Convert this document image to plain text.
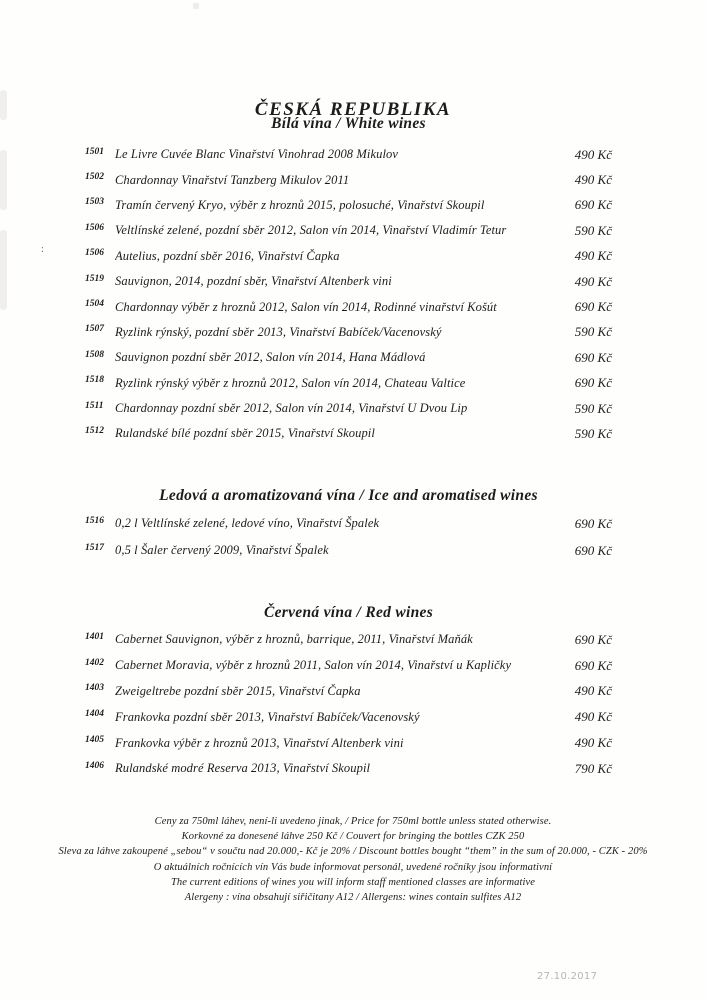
ČESKÁ REPUBLIKA
:
Bílá vína / White wines
1501 Le Livre Cuvée Blanc Vinařství Vinohrad 2008 Mikulov	490 Kč
1502 Chardonnay Vinařství Tanzberg Mikulov 2011	490 Kč
1503 Tramín červený Kryo, výběr z hroznů 2015, polosuché, Vinařství Skoupil	690 Kč
1506 Veltlínské zelené, pozdní sběr 2012, Salon vín 2014, Vinařství Vladimír Tetur	590 Kč
1506 Autelius, pozdní sběr 2016, Vinařství Čapka	490 Kč
1519 Sauvignon, 2014, pozdní sběr, Vinařství Altenberk vini	490 Kč
1504 Chardonnay výběr z hroznů 2012, Salon vín 2014, Rodinné vinařství Košút	690 Kč
1507 Ryzlink rýnský, pozdní sběr 2013, Vinařství Babíček/Vacenovský	590 Kč
1508 Sauvignon pozdní sběr 2012, Salon vín 2014, Hana Mádlová	690 Kč
1518 Ryzlink rýnský výběr z hroznů 2012, Salon vín 2014, Chateau Valtice	690 Kč
1511 Chardonnay pozdní sběr 2012, Salon vín 2014, Vinařství U Dvou Lip	590 Kč
1512 Rulandské bílé pozdní sběr 2015, Vinařství Skoupil	590 Kč
Ledová a aromatizovaná vína / Ice and aromatised wines
1516 0,2 l Veltlínské zelené, ledové víno, Vinařství Špalek	690 Kč
1517 0,5 l Šaler červený 2009, Vinařství Špalek	690 Kč
Červená vína / Red wines
1401 Cabernet Sauvignon, výběr z hroznů, barrique, 2011, Vinařství Maňák	690 Kč
1402 Cabernet Moravia, výběr z hroznů 2011, Salon vín 2014, Vinařství u Kapličky	690 Kč
1403 Zweigeltrebe pozdní sběr 2015, Vinařství Čapka	490 Kč
1404 Frankovka pozdní sběr 2013, Vinařství Babíček/Vacenovský	490 Kč
1405 Frankovka výběr z hroznů 2013, Vinařství Altenberk vini	490 Kč
1406 Rulandské modré Reserva 2013, Vinařství Skoupil	790 Kč
Ceny za 750ml láhev, není-li uvedeno jinak, / Price for 750ml bottle unless stated otherwise.
Korkovné za donesené láhve 250 Kč / Couvert for bringing the bottles CZK 250
Sleva za láhve zakoupené „sebou“ v součtu nad 20.000,- Kč je 20% / Discount bottles bought “them” in the sum of 20.000, - CZK - 20%
O aktuálních ročnících vín Vás bude informovat personál, uvedené ročníky jsou informativní
The current editions of wines you will inform staff mentioned classes are informative
Alergeny : vína obsahují siřičitany A12 / Allergens: wines contain sulfites A12
27.10.2017
